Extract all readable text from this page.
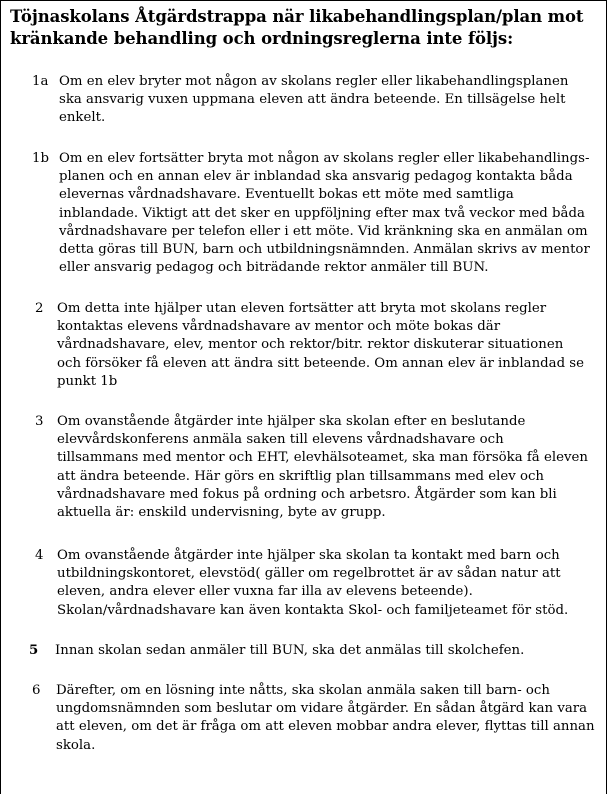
Töjnaskolans Åtgärdstrappa när likabehandlingsplan/plan mot
kränkande behandling och ordningsreglerna inte följs:
1a Om en elev bryter mot någon av skolans regler eller likabehandlingsplanen
ska ansvarig vuxen uppmana eleven att ändra beteende. En tillsägelse helt
enkelt.
1b Om en elev fortsätter bryta mot någon av skolans regler eller likabehandlings-
planen och en annan elev är inblandad ska ansvarig pedagog kontakta båda
elevernas vårdnadshavare. Eventuellt bokas ett möte med samtliga
inblandade. Viktigt att det sker en uppföljning efter max två veckor med båda
vårdnadshavare per telefon eller i ett möte. Vid kränkning ska en anmälan om
detta göras till BUN, barn och utbildningsnämnden. Anmälan skrivs av mentor
eller ansvarig pedagog och biträdande rektor anmäler till BUN.
2 Om detta inte hjälper utan eleven fortsätter att bryta mot skolans regler
kontaktas elevens vårdnadshavare av mentor och möte bokas där
vårdnadshavare, elev, mentor och rektor/bitr. rektor diskuterar situationen
och försöker få eleven att ändra sitt beteende. Om annan elev är inblandad se
punkt 1b
3 Om ovanstående åtgärder inte hjälper ska skolan efter en beslutande
elevvårdskonferens anmäla saken till elevens vårdnadshavare och
tillsammans med mentor och EHT, elevhälsoteamet, ska man försöka få eleven
att ändra beteende. Här görs en skriftlig plan tillsammans med elev och
vårdnadshavare med fokus på ordning och arbetsro. Åtgärder som kan bli
aktuella är: enskild undervisning, byte av grupp.
4 Om ovanstående åtgärder inte hjälper ska skolan ta kontakt med barn och
utbildningskontoret, elevstöd( gäller om regelbrottet är av sådan natur att
eleven, andra elever eller vuxna far illa av elevens beteende).
Skolan/vårdnadshavare kan även kontakta Skol- och familjeteamet för stöd.
5 Innan skolan sedan anmäler till BUN, ska det anmälas till skolchefen.
6 Därefter, om en lösning inte nåtts, ska skolan anmäla saken till barn- och
ungdomsnämnden som beslutar om vidare åtgärder. En sådan åtgärd kan vara
att eleven, om det är fråga om att eleven mobbar andra elever, flyttas till annan
skola.
